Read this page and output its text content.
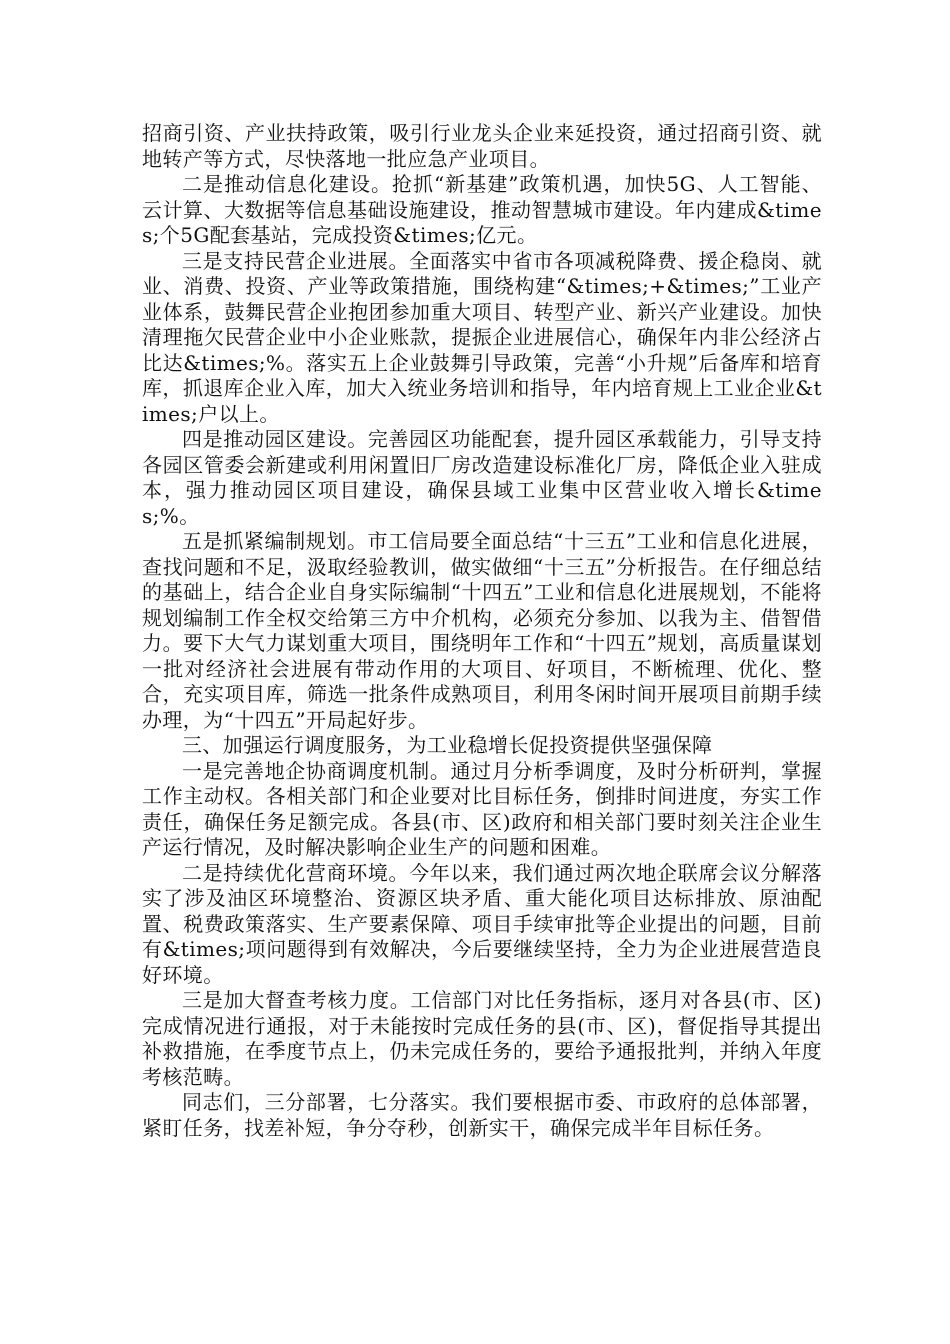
招商引资、产业扶持政策，吸引行业龙头企业来延投资，通过招商引资、就地转产等方式，尽快落地一批应急产业项目。

二是推动信息化建设。抢抓“新基建”政策机遇，加快5G、人工智能、云计算、大数据等信息基础设施建设，推动智慧城市建设。年内建成&times;个5G配套基站，完成投资&times;亿元。

三是支持民营企业进展。全面落实中省市各项减税降费、援企稳岗、就业、消费、投资、产业等政策措施，围绕构建“&times;+&times;”工业产业体系，鼓舞民营企业抱团参加重大项目、转型产业、新兴产业建设。加快清理拖欠民营企业中小企业账款，提振企业进展信心，确保年内非公经济占比达&times;%。落实五上企业鼓舞引导政策，完善“小升规”后备库和培育库，抓退库企业入库，加大入统业务培训和指导，年内培育规上工业企业&times;户以上。

四是推动园区建设。完善园区功能配套，提升园区承载能力，引导支持各园区管委会新建或利用闲置旧厂房改造建设标准化厂房，降低企业入驻成本，强力推动园区项目建设，确保县域工业集中区营业收入增长&times;%。

五是抓紧编制规划。市工信局要全面总结“十三五”工业和信息化进展，查找问题和不足，汲取经验教训，做实做细“十三五”分析报告。在仔细总结的基础上，结合企业自身实际编制“十四五”工业和信息化进展规划，不能将规划编制工作全权交给第三方中介机构，必须充分参加、以我为主、借智借力。要下大气力谋划重大项目，围绕明年工作和“十四五”规划，高质量谋划一批对经济社会进展有带动作用的大项目、好项目，不断梳理、优化、整合，充实项目库，筛选一批条件成熟项目，利用冬闲时间开展项目前期手续办理，为“十四五”开局起好步。

三、加强运行调度服务，为工业稳增长促投资提供坚强保障

一是完善地企协商调度机制。通过月分析季调度，及时分析研判，掌握工作主动权。各相关部门和企业要对比目标任务，倒排时间进度，夯实工作责任，确保任务足额完成。各县(市、区)政府和相关部门要时刻关注企业生产运行情况，及时解决影响企业生产的问题和困难。

二是持续优化营商环境。今年以来，我们通过两次地企联席会议分解落实了涉及油区环境整治、资源区块矛盾、重大能化项目达标排放、原油配置、税费政策落实、生产要素保障、项目手续审批等企业提出的问题，目前有&times;项问题得到有效解决，今后要继续坚持，全力为企业进展营造良好环境。

三是加大督查考核力度。工信部门对比任务指标，逐月对各县(市、区)完成情况进行通报，对于未能按时完成任务的县(市、区)，督促指导其提出补救措施，在季度节点上，仍未完成任务的，要给予通报批判，并纳入年度考核范畴。

同志们，三分部署，七分落实。我们要根据市委、市政府的总体部署，紧盯任务，找差补短，争分夺秒，创新实干，确保完成半年目标任务。
